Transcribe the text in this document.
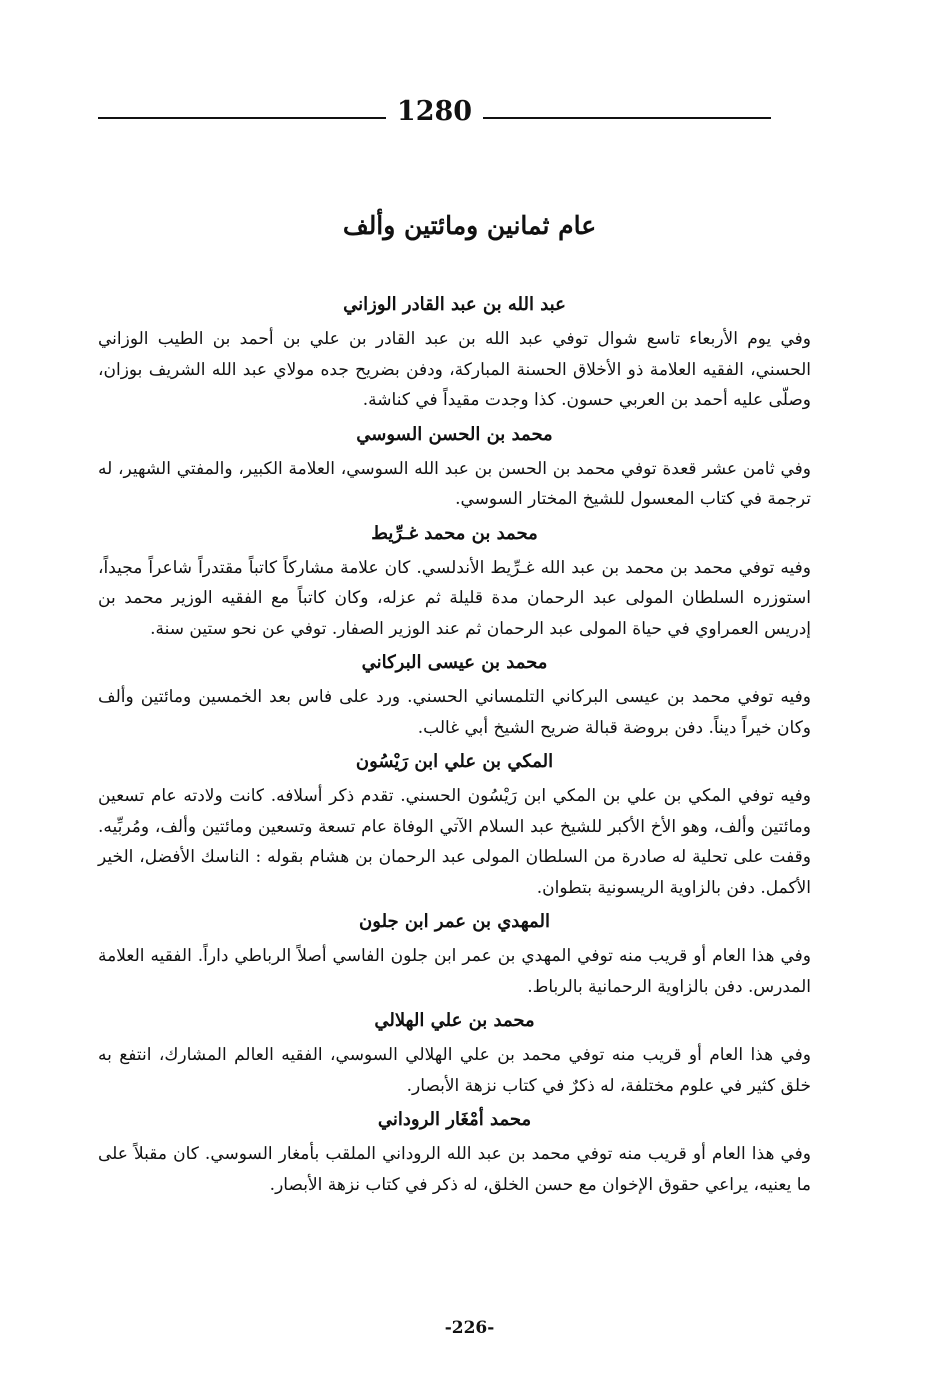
1280
عام ثمانين ومائتين وألف
عبد الله بن عبد القادر الوزاني

وفي يوم الأربعاء تاسع شوال توفي عبد الله بن عبد القادر بن علي بن أحمد بن الطيب الوزاني الحسني، الفقيه العلامة ذو الأخلاق الحسنة المباركة، ودفن بضريح جده مولاي عبد الله الشريف بوزان، وصلّى عليه أحمد بن العربي حسون. كذا وجدت مقيداً في كناشة.

محمد بن الحسن السوسي

وفي ثامن عشر قعدة توفي محمد بن الحسن بن عبد الله السوسي، العلامة الكبير، والمفتي الشهير، له ترجمة في كتاب المعسول للشيخ المختار السوسي.

محمد بن محمد غـرِّيط

وفيه توفي محمد بن محمد بن عبد الله غـرِّيط الأندلسي. كان علامة مشاركاً كاتباً مقتدراً شاعراً مجيداً، استوزره السلطان المولى عبد الرحمان مدة قليلة ثم عزله، وكان كاتباً مع الفقيه الوزير محمد بن إدريس العمراوي في حياة المولى عبد الرحمان ثم عند الوزير الصفار. توفي عن نحو ستين سنة.

محمد بن عيسى البركاني

وفيه توفي محمد بن عيسى البركاني التلمساني الحسني. ورد على فاس بعد الخمسين ومائتين وألف وكان خيراً ديناً. دفن بروضة قبالة ضريح الشيخ أبي غالب.

المكي بن علي ابن رَيْسُون

وفيه توفي المكي بن علي بن المكي ابن رَيْسُون الحسني. تقدم ذكر أسلافه. كانت ولادته عام تسعين ومائتين وألف، وهو الأخ الأكبر للشيخ عبد السلام الآتي الوفاة عام تسعة وتسعين ومائتين وألف، ومُربِّيه. وقفت على تحلية له صادرة من السلطان المولى عبد الرحمان بن هشام بقوله : الناسك الأفضل، الخير الأكمل. دفن بالزاوية الريسونية بتطوان.

المهدي بن عمر ابن جلون

وفي هذا العام أو قريب منه توفي المهدي بن عمر ابن جلون الفاسي أصلاً الرباطي داراً. الفقيه العلامة المدرس. دفن بالزاوية الرحمانية بالرباط.

محمد بن علي الهلالي

وفي هذا العام أو قريب منه توفي محمد بن علي الهلالي السوسي، الفقيه العالم المشارك، انتفع به خلق كثير في علوم مختلفة، له ذكرٌ في كتاب نزهة الأبصار.

محمد أمْغَار الروداني

وفي هذا العام أو قريب منه توفي محمد بن عبد الله الروداني الملقب بأمغار السوسي. كان مقبلاً على ما يعنيه، يراعي حقوق الإخوان مع حسن الخلق، له ذكر في كتاب نزهة الأبصار.

-226-
